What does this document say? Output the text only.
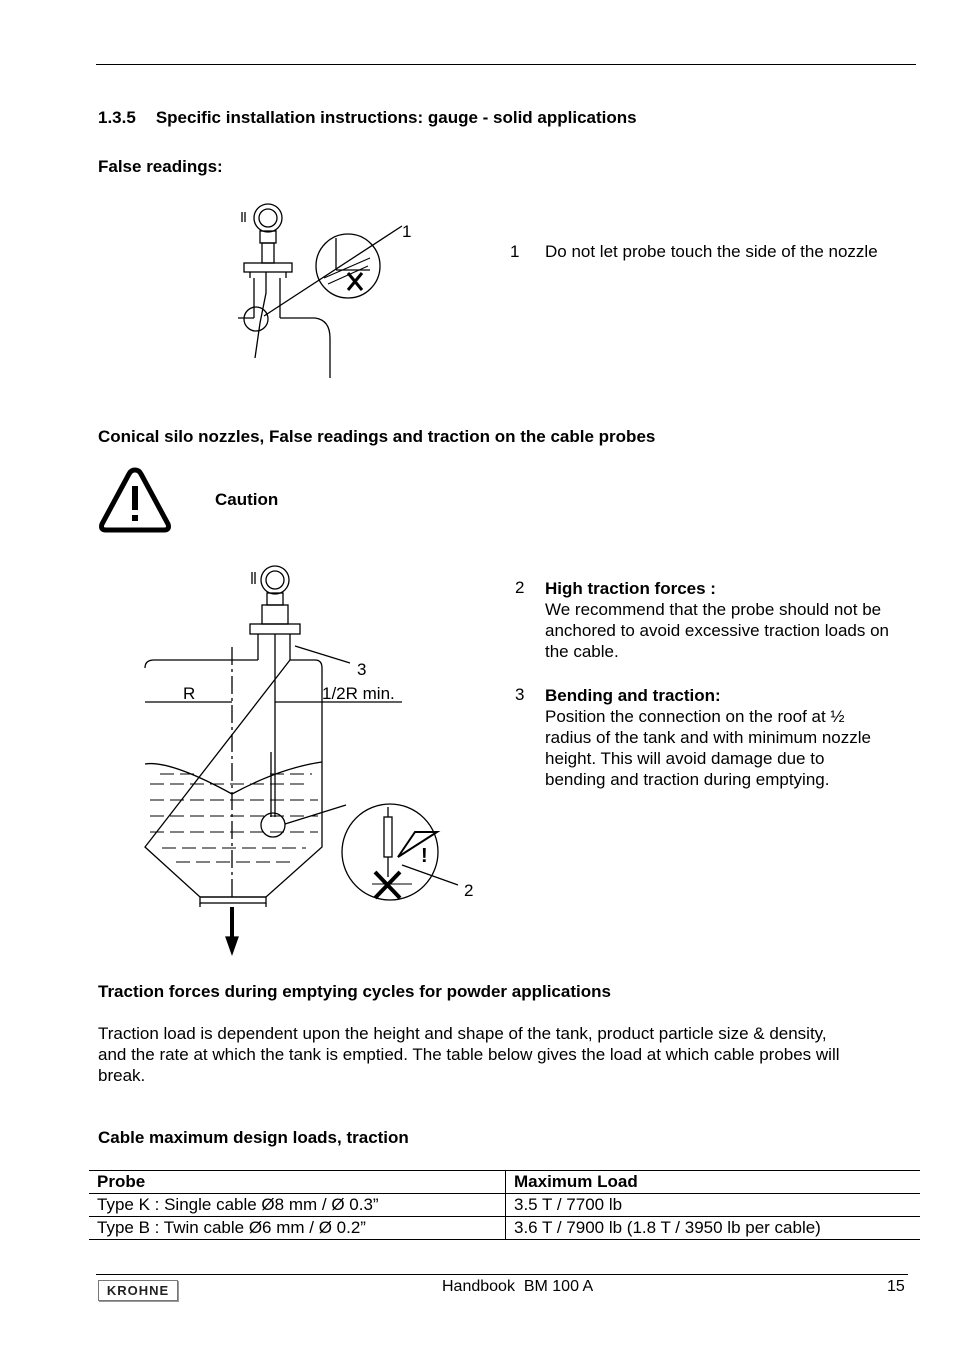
1.3.5 Specific installation instructions: gauge - solid applications
False readings:
1
1	Do not let probe touch the side of the nozzle
Conical silo nozzles, False readings and traction on the cable probes
Caution
!
R	1/2R min.
3
2
2	High traction forces :
We recommend that the probe should not be
anchored to avoid excessive traction loads on
the cable.
3	Bending and traction:
Position the connection on the roof at ½
radius of the tank and with minimum nozzle
height. This will avoid damage due to
bending and traction during emptying.
Traction forces during emptying cycles for powder applications
Traction load is dependent upon the height and shape of the tank, product particle size & density,
and the rate at which the tank is emptied. The table below gives the load at which cable probes will
break.
Cable maximum design loads, traction
Probe	Maximum Load
Type K : Single cable Ø8 mm / Ø 0.3”	3.5 T / 7700 lb
Type B : Twin cable Ø6 mm / Ø 0.2”	3.6 T / 7900 lb (1.8 T / 3950 lb per cable)
KROHNE	Handbook  BM 100 A	15
